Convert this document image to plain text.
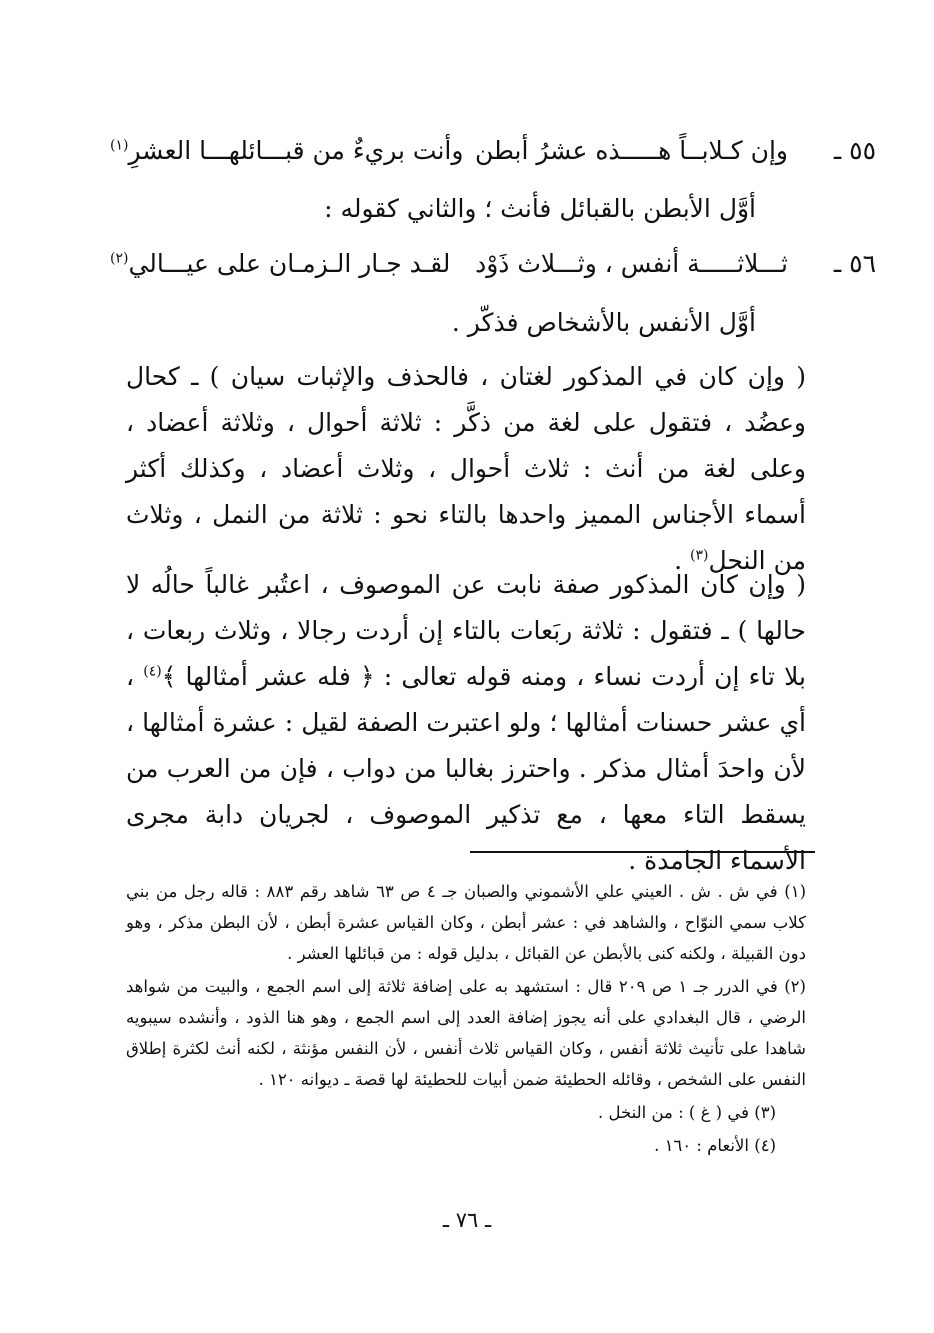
٥٥ ـ
وإن كـلابــاً هـــــذه عشرُ أبطن
وأنت بريءٌ من قبـــائلهـــا العشرِ$^{(١)}$
أوَّل الأبطن بالقبائل فأنث ؛ والثاني كقوله :
٥٦ ـ
ثـــلاثـــــة أنفس ، وثـــلاث ذَوْد
لقـد جـار الـزمـان على عيـــالي$^{(٢)}$
أوَّل الأنفس بالأشخاص فذكّر .

( وإن كان في المذكور لغتان ، فالحذف والإثبات سيان ) ـ كحال وعضُد ، فتقول على لغة من ذكَّر : ثلاثة أحوال ، وثلاثة أعضاد ، وعلى لغة من أنث : ثلاث أحوال ، وثلاث أعضاد ، وكذلك أكثر أسماء الأجناس المميز واحدها بالتاء نحو : ثلاثة من النمل ، وثلاث من النحل$^{(٣)}$ .

( وإن كان المذكور صفة نابت عن الموصوف ، اعتُبر غالباً حالُه لا حالها ) ـ فتقول : ثلاثة ربَعات بالتاء إن أردت رجالا ، وثلاث ربعات ، بلا تاء إن أردت نساء ، ومنه قوله تعالى : ﴿ فله عشر أمثالها ﴾$^{(٤)}$ ، أي عشر حسنات أمثالها ؛ ولو اعتبرت الصفة لقيل : عشرة أمثالها ، لأن واحدَ أمثال مذكر . واحترز بغالبا من دواب ، فإن من العرب من يسقط التاء معها ، مع تذكير الموصوف ، لجريان دابة مجرى الأسماء الجامدة .

(١) في ش . ش . العيني علي الأشموني والصبان جـ ٤ ص ٦٣ شاهد رقم ٨٨٣ : قاله رجل من بني كلاب سمي النوّاح ، والشاهد في : عشر أبطن ، وكان القياس عشرة أبطن ، لأن البطن مذكر ، وهو دون القبيلة ، ولكنه كنى بالأبطن عن القبائل ، بدليل قوله : من قبائلها العشر .

(٢) في الدرر جـ ١ ص ٢٠٩ قال : استشهد به على إضافة ثلاثة إلى اسم الجمع ، والبيت من شواهد الرضي ، قال البغدادي على أنه يجوز إضافة العدد إلى اسم الجمع ، وهو هنا الذود ، وأنشده سيبويه شاهدا على تأنيث ثلاثة أنفس ، وكان القياس ثلاث أنفس ، لأن النفس مؤنثة ، لكنه أنث لكثرة إطلاق النفس على الشخص ، وقائله الحطيئة ضمن أبيات للحطيئة لها قصة ـ ديوانه ١٢٠ .

(٣) في ( غ ) : من النخل .

(٤) الأنعام : ١٦٠ .

ـ ٧٦ ـ
